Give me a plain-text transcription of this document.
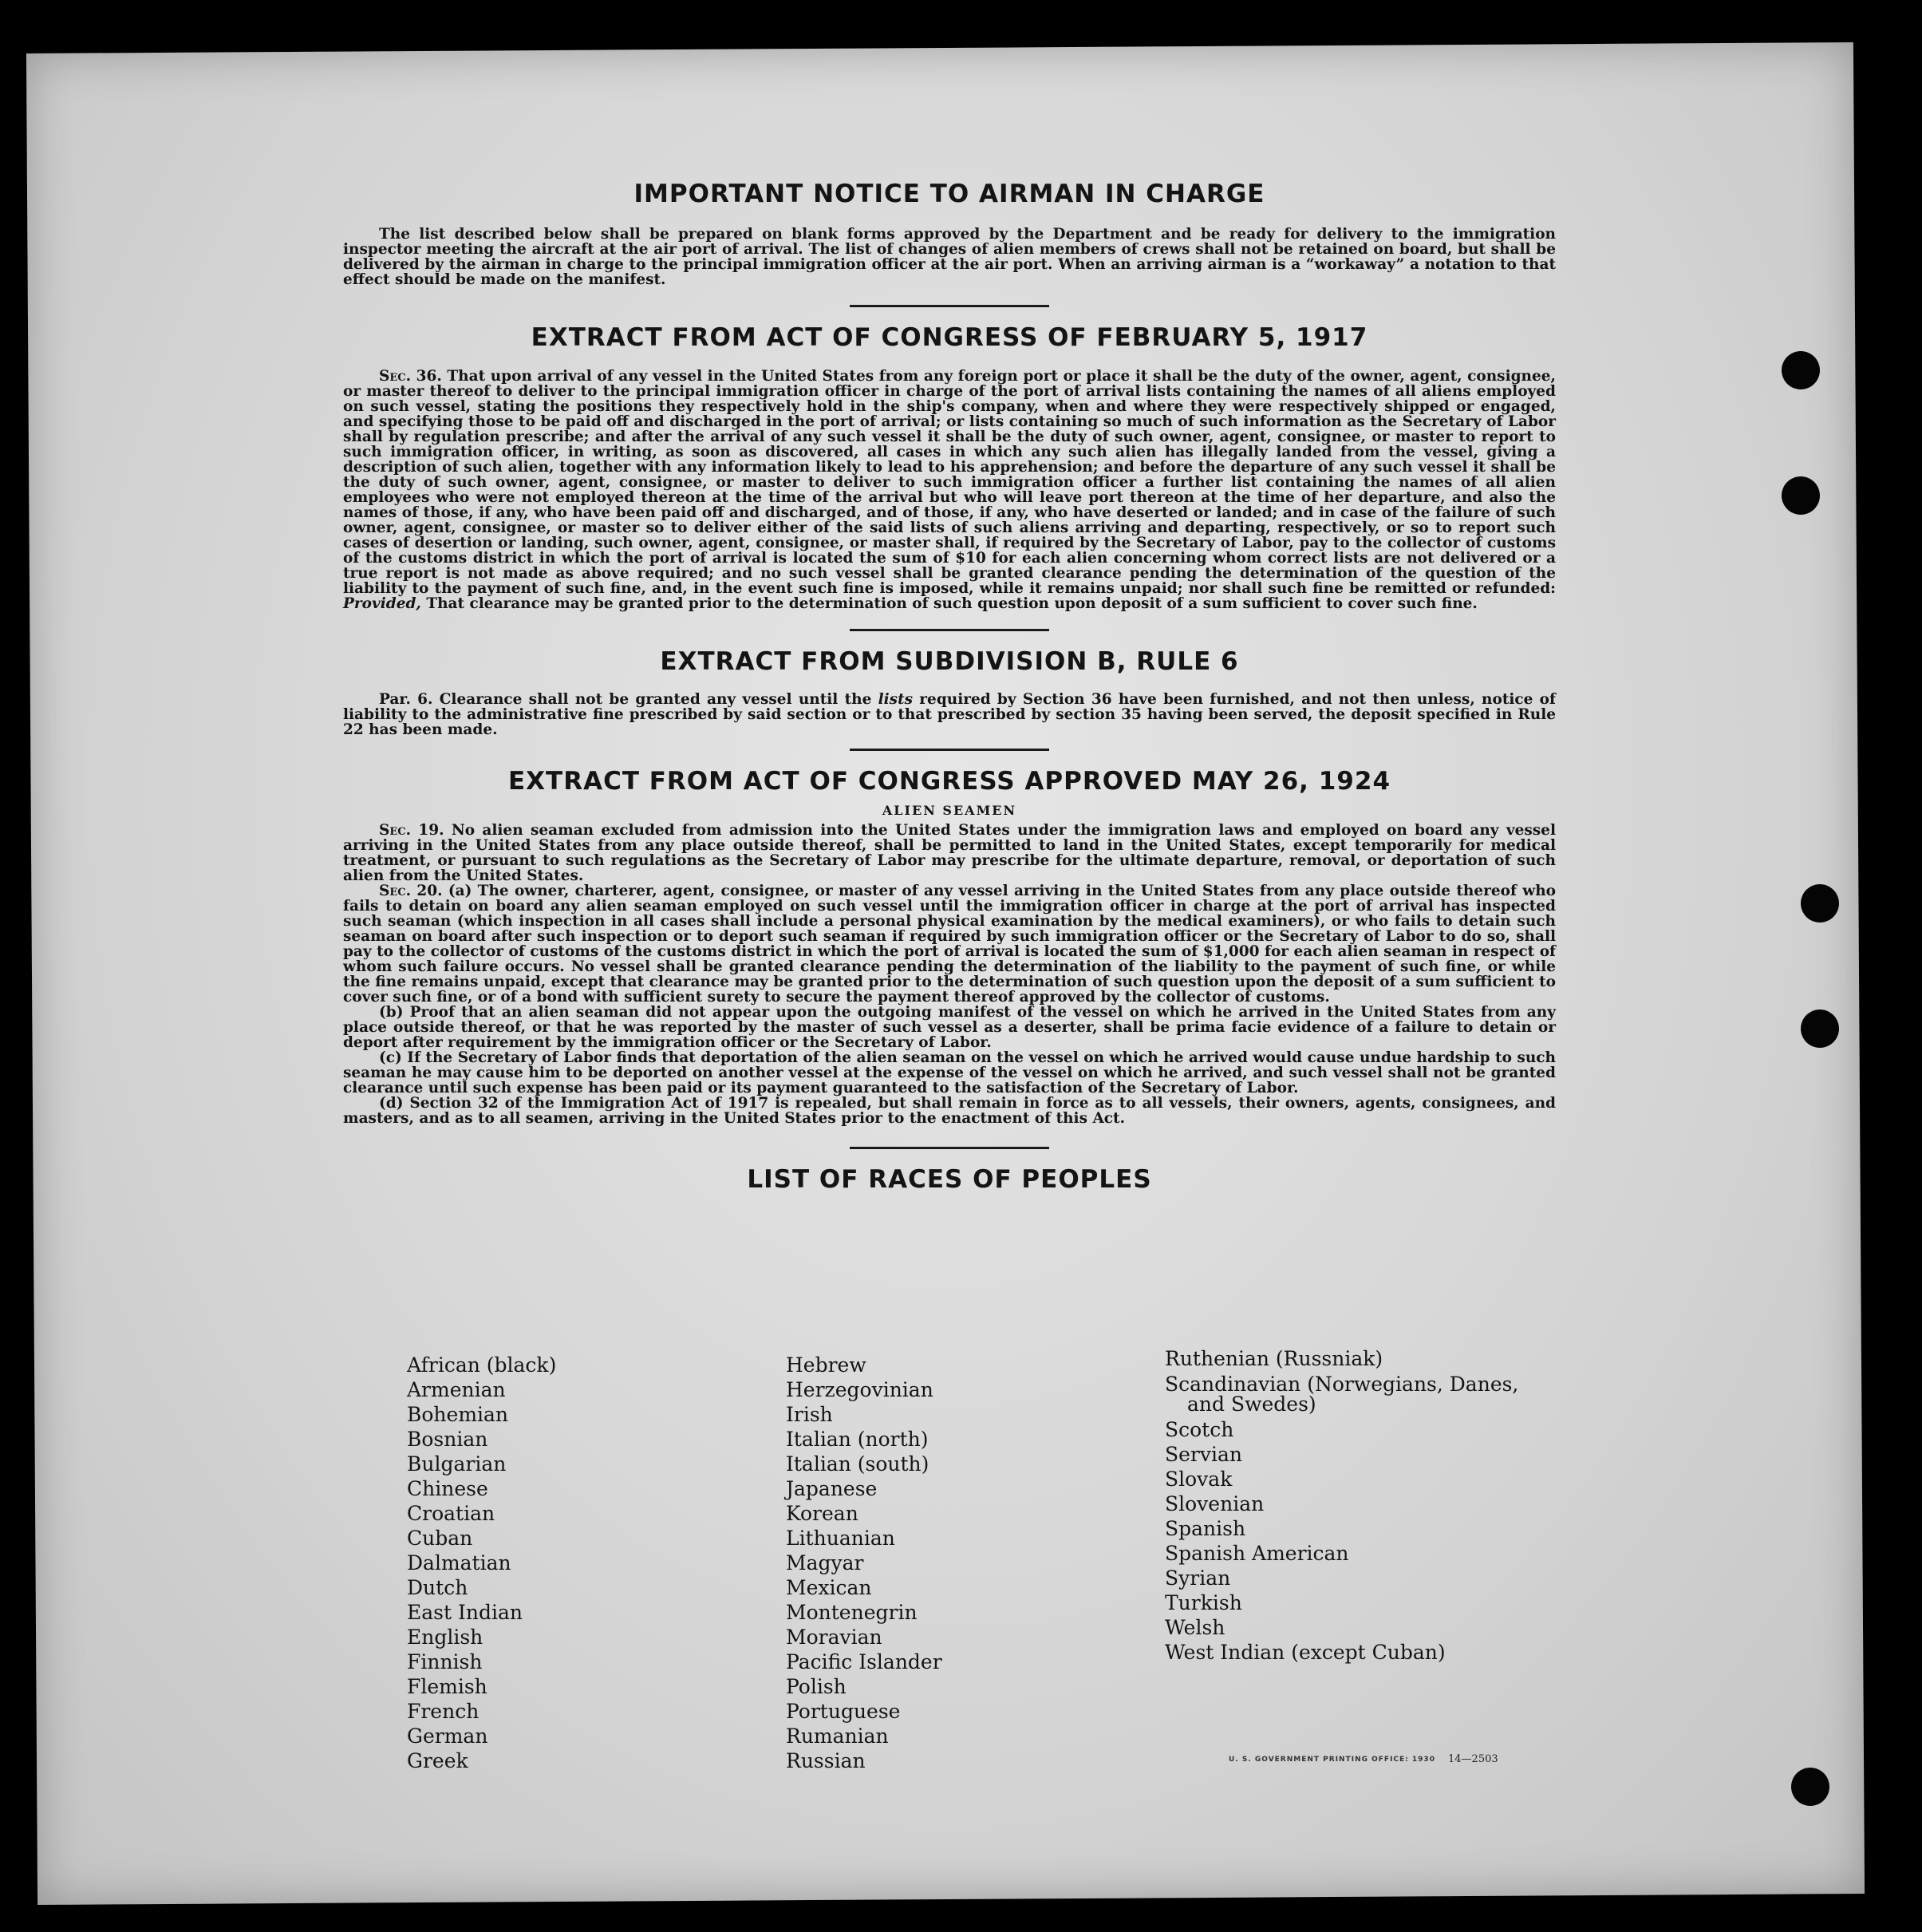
IMPORTANT NOTICE TO AIRMAN IN CHARGE

The list described below shall be prepared on blank forms approved by the Department and be ready for delivery to the immigration inspector meeting the aircraft at the air port of arrival. The list of changes of alien members of crews shall not be retained on board, but shall be delivered by the airman in charge to the principal immigration officer at the air port. When an arriving airman is a “workaway” a notation to that effect should be made on the manifest.

EXTRACT FROM ACT OF CONGRESS OF FEBRUARY 5, 1917

Sec. 36. That upon arrival of any vessel in the United States from any foreign port or place it shall be the duty of the owner, agent, consignee, or master thereof to deliver to the principal immigration officer in charge of the port of arrival lists containing the names of all aliens employed on such vessel, stating the positions they respectively hold in the ship's company, when and where they were respectively shipped or engaged, and specifying those to be paid off and discharged in the port of arrival; or lists containing so much of such information as the Secretary of Labor shall by regulation prescribe; and after the arrival of any such vessel it shall be the duty of such owner, agent, consignee, or master to report to such immigration officer, in writing, as soon as discovered, all cases in which any such alien has illegally landed from the vessel, giving a description of such alien, together with any information likely to lead to his apprehension; and before the departure of any such vessel it shall be the duty of such owner, agent, consignee, or master to deliver to such immigration officer a further list containing the names of all alien employees who were not employed thereon at the time of the arrival but who will leave port thereon at the time of her departure, and also the names of those, if any, who have been paid off and discharged, and of those, if any, who have deserted or landed; and in case of the failure of such owner, agent, consignee, or master so to deliver either of the said lists of such aliens arriving and departing, respectively, or so to report such cases of desertion or landing, such owner, agent, consignee, or master shall, if required by the Secretary of Labor, pay to the collector of customs of the customs district in which the port of arrival is located the sum of $10 for each alien concerning whom correct lists are not delivered or a true report is not made as above required; and no such vessel shall be granted clearance pending the determination of the question of the liability to the payment of such fine, and, in the event such fine is imposed, while it remains unpaid; nor shall such fine be remitted or refunded: Provided, That clearance may be granted prior to the determination of such question upon deposit of a sum sufficient to cover such fine.

EXTRACT FROM SUBDIVISION B, RULE 6

Par. 6. Clearance shall not be granted any vessel until the lists required by Section 36 have been furnished, and not then unless, notice of liability to the administrative fine prescribed by said section or to that prescribed by section 35 having been served, the deposit specified in Rule 22 has been made.

EXTRACT FROM ACT OF CONGRESS APPROVED MAY 26, 1924
ALIEN SEAMEN

Sec. 19. No alien seaman excluded from admission into the United States under the immigration laws and employed on board any vessel arriving in the United States from any place outside thereof, shall be permitted to land in the United States, except temporarily for medical treatment, or pursuant to such regulations as the Secretary of Labor may prescribe for the ultimate departure, removal, or deportation of such alien from the United States.

Sec. 20. (a) The owner, charterer, agent, consignee, or master of any vessel arriving in the United States from any place outside thereof who fails to detain on board any alien seaman employed on such vessel until the immigration officer in charge at the port of arrival has inspected such seaman (which inspection in all cases shall include a personal physical examination by the medical examiners), or who fails to detain such seaman on board after such inspection or to deport such seaman if required by such immigration officer or the Secretary of Labor to do so, shall pay to the collector of customs of the customs district in which the port of arrival is located the sum of $1,000 for each alien seaman in respect of whom such failure occurs. No vessel shall be granted clearance pending the determination of the liability to the payment of such fine, or while the fine remains unpaid, except that clearance may be granted prior to the determination of such question upon the deposit of a sum sufficient to cover such fine, or of a bond with sufficient surety to secure the payment thereof approved by the collector of customs.

(b) Proof that an alien seaman did not appear upon the outgoing manifest of the vessel on which he arrived in the United States from any place outside thereof, or that he was reported by the master of such vessel as a deserter, shall be prima facie evidence of a failure to detain or deport after requirement by the immigration officer or the Secretary of Labor.

(c) If the Secretary of Labor finds that deportation of the alien seaman on the vessel on which he arrived would cause undue hardship to such seaman he may cause him to be deported on another vessel at the expense of the vessel on which he arrived, and such vessel shall not be granted clearance until such expense has been paid or its payment guaranteed to the satisfaction of the Secretary of Labor.

(d) Section 32 of the Immigration Act of 1917 is repealed, but shall remain in force as to all vessels, their owners, agents, consignees, and masters, and as to all seamen, arriving in the United States prior to the enactment of this Act.

LIST OF RACES OF PEOPLES
African (black)
Armenian
Bohemian
Bosnian
Bulgarian
Chinese
Croatian
Cuban
Dalmatian
Dutch
East Indian
English
Finnish
Flemish
French
German
Greek
Hebrew
Herzegovinian
Irish
Italian (north)
Italian (south)
Japanese
Korean
Lithuanian
Magyar
Mexican
Montenegrin
Moravian
Pacific Islander
Polish
Portuguese
Rumanian
Russian
Ruthenian (Russniak)
Scandinavian (Norwegians, Danes,
and Swedes)
Scotch
Servian
Slovak
Slovenian
Spanish
Spanish American
Syrian
Turkish
Welsh
West Indian (except Cuban)
U. S. GOVERNMENT PRINTING OFFICE: 1930 14—2503
